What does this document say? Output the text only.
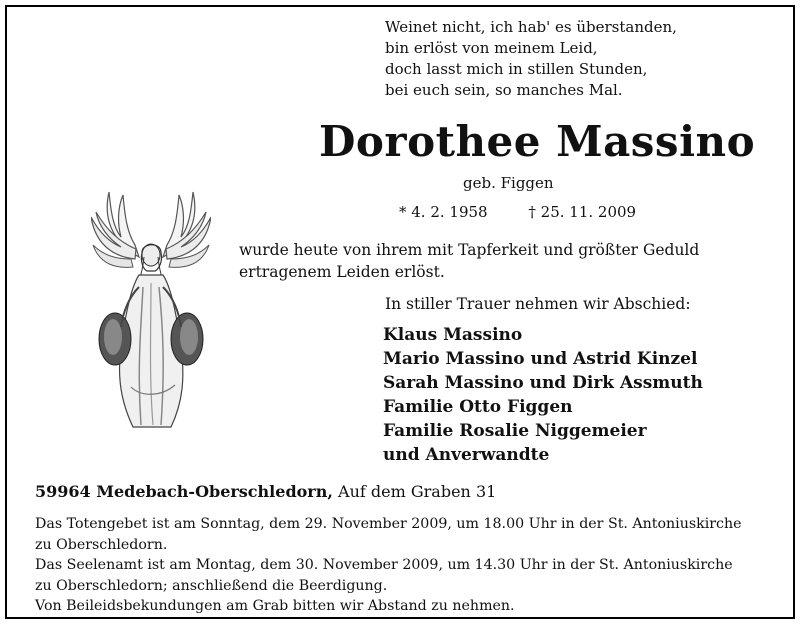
Weinet nicht, ich hab' es überstanden,
bin erlöst von meinem Leid,
doch lasst mich in stillen Stunden,
bei euch sein, so manches Mal.
Dorothee Massino
geb. Figgen
* 4. 2. 1958	† 25. 11. 2009
wurde heute von ihrem mit Tapferkeit und größter Geduld
ertragenem Leiden erlöst.
In stiller Trauer nehmen wir Abschied:
Klaus Massino
Mario Massino und Astrid Kinzel
Sarah Massino und Dirk Assmuth
Familie Otto Figgen
Familie Rosalie Niggemeier
und Anverwandte
59964 Medebach-Oberschledorn, Auf dem Graben 31
Das Totengebet ist am Sonntag, dem 29. November 2009, um 18.00 Uhr in der St. Antoniuskirche
zu Oberschledorn.
Das Seelenamt ist am Montag, dem 30. November 2009, um 14.30 Uhr in der St. Antoniuskirche
zu Oberschledorn; anschließend die Beerdigung.
Von Beileidsbekundungen am Grab bitten wir Abstand zu nehmen.
